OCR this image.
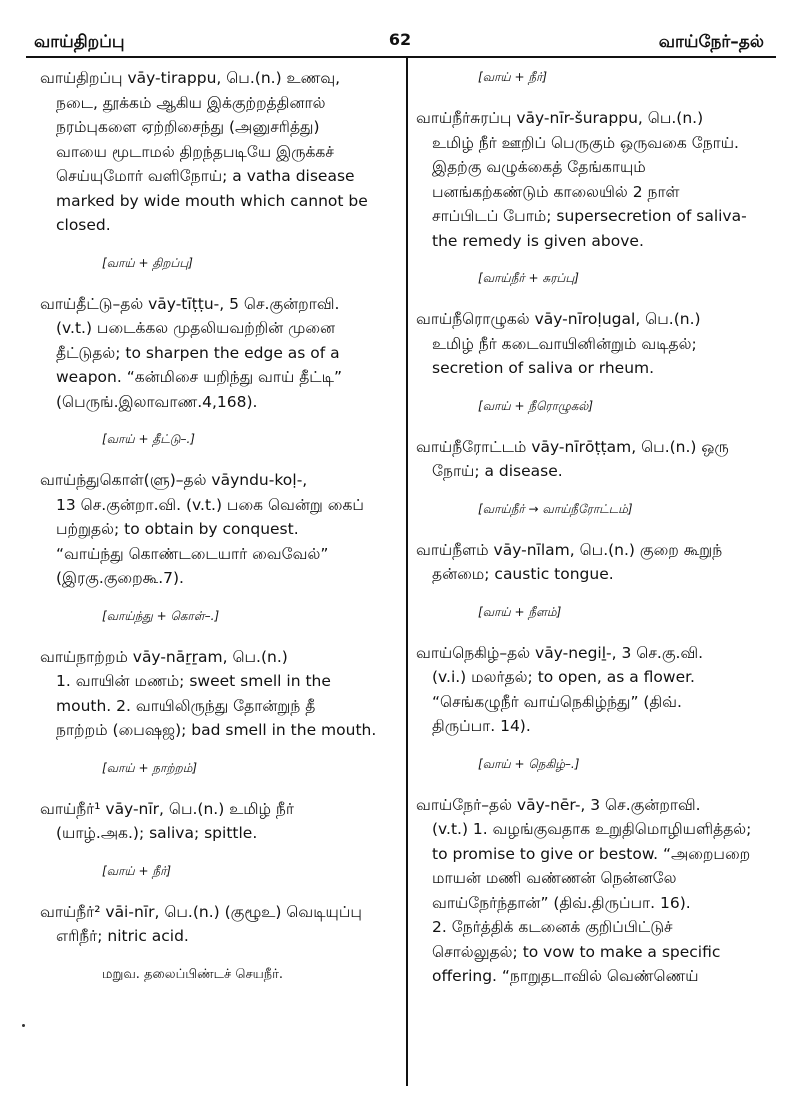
வாய்திறப்பு	62	வாய்நேர்–தல்

வாய்திறப்பு vāy-tirappu, பெ.(n.) உணவு,

நடை, தூக்கம் ஆகிய இக்குற்றத்தினால்

நரம்புகளை ஏற்றிசைந்து (அனுசரித்து)

வாயை மூடாமல் திறந்தபடியே இருக்கச்

செய்யுமோர் வளிநோய்; a vatha disease

marked by wide mouth which cannot be

closed.

[வாய் + திறப்பு]

வாய்தீட்டு–தல் vāy-tīṭṭu-, 5 செ.குன்றாவி.

(v.t.) படைக்கல முதலியவற்றின் முனை

தீட்டுதல்; to sharpen the edge as of a

weapon. “கன்மிசை யறிந்து வாய் தீட்டி”

(பெருங்.இலாவாண.4,168).

[வாய் + தீட்டு–.]

வாய்ந்துகொள்(ளு)–தல் vāyndu-koḷ-,

13 செ.குன்றா.வி. (v.t.) பகை வென்று கைப்

பற்றுதல்; to obtain by conquest.

“வாய்ந்து கொண்டடையார் வைவேல்”

(இரகு.குறைகூ.7).

[வாய்ந்து + கொள்–.]

வாய்நாற்றம் vāy-nāṟṟam, பெ.(n.)

1. வாயின் மணம்; sweet smell in the

mouth. 2. வாயிலிருந்து தோன்றுந் தீ

நாற்றம் (பைஷஜ); bad smell in the mouth.

[வாய் + நாற்றம்]

வாய்நீர்¹ vāy-nīr, பெ.(n.) உமிழ் நீர்

(யாழ்.அக.); saliva; spittle.

[வாய் + நீர்]

வாய்நீர்² vāi-nīr, பெ.(n.) (குழூஉ) வெடியுப்பு

எரிநீர்; nitric acid.

மறுவ. தலைப்பிண்டச் செயநீர்.
[வாய் + நீர்]

வாய்நீர்சுரப்பு vāy-nīr-šurappu, பெ.(n.)

உமிழ் நீர் ஊறிப் பெருகும் ஒருவகை நோய்.

இதற்கு வழுக்கைத் தேங்காயும்

பனங்கற்கண்டும் காலையில் 2 நாள்

சாப்பிடப் போம்; supersecretion of saliva-

the remedy is given above.

[வாய்நீர் + சுரப்பு]

வாய்நீரொழுகல் vāy-nīroḷugal, பெ.(n.)

உமிழ் நீர் கடைவாயினின்றும் வடிதல்;

secretion of saliva or rheum.

[வாய் + நீரொழுகல்]

வாய்நீரோட்டம் vāy-nīrōṭṭam, பெ.(n.) ஒரு

நோய்; a disease.

[வாய்நீர் → வாய்நீரோட்டம்]

வாய்நீளம் vāy-nīlam, பெ.(n.) குறை கூறுந்

தன்மை; caustic tongue.

[வாய் + நீளம்]

வாய்நெகிழ்–தல் vāy-negiḻ-, 3 செ.கு.வி.

(v.i.) மலர்தல்; to open, as a flower.

“செங்கழுநீர் வாய்நெகிழ்ந்து” (திவ்.

திருப்பா. 14).

[வாய் + நெகிழ்–.]

வாய்நேர்–தல் vāy-nēr-, 3 செ.குன்றாவி.

(v.t.) 1. வழங்குவதாக உறுதிமொழியளித்தல்;

to promise to give or bestow. “அறைபறை

மாயன் மணி வண்ணன் நென்னலே

வாய்நேர்ந்தான்” (திவ்.திருப்பா. 16).

2. நேர்த்திக் கடனைக் குறிப்பிட்டுச்

சொல்லுதல்; to vow to make a specific

offering. “நாறுதடாவில் வெண்ணெய்
